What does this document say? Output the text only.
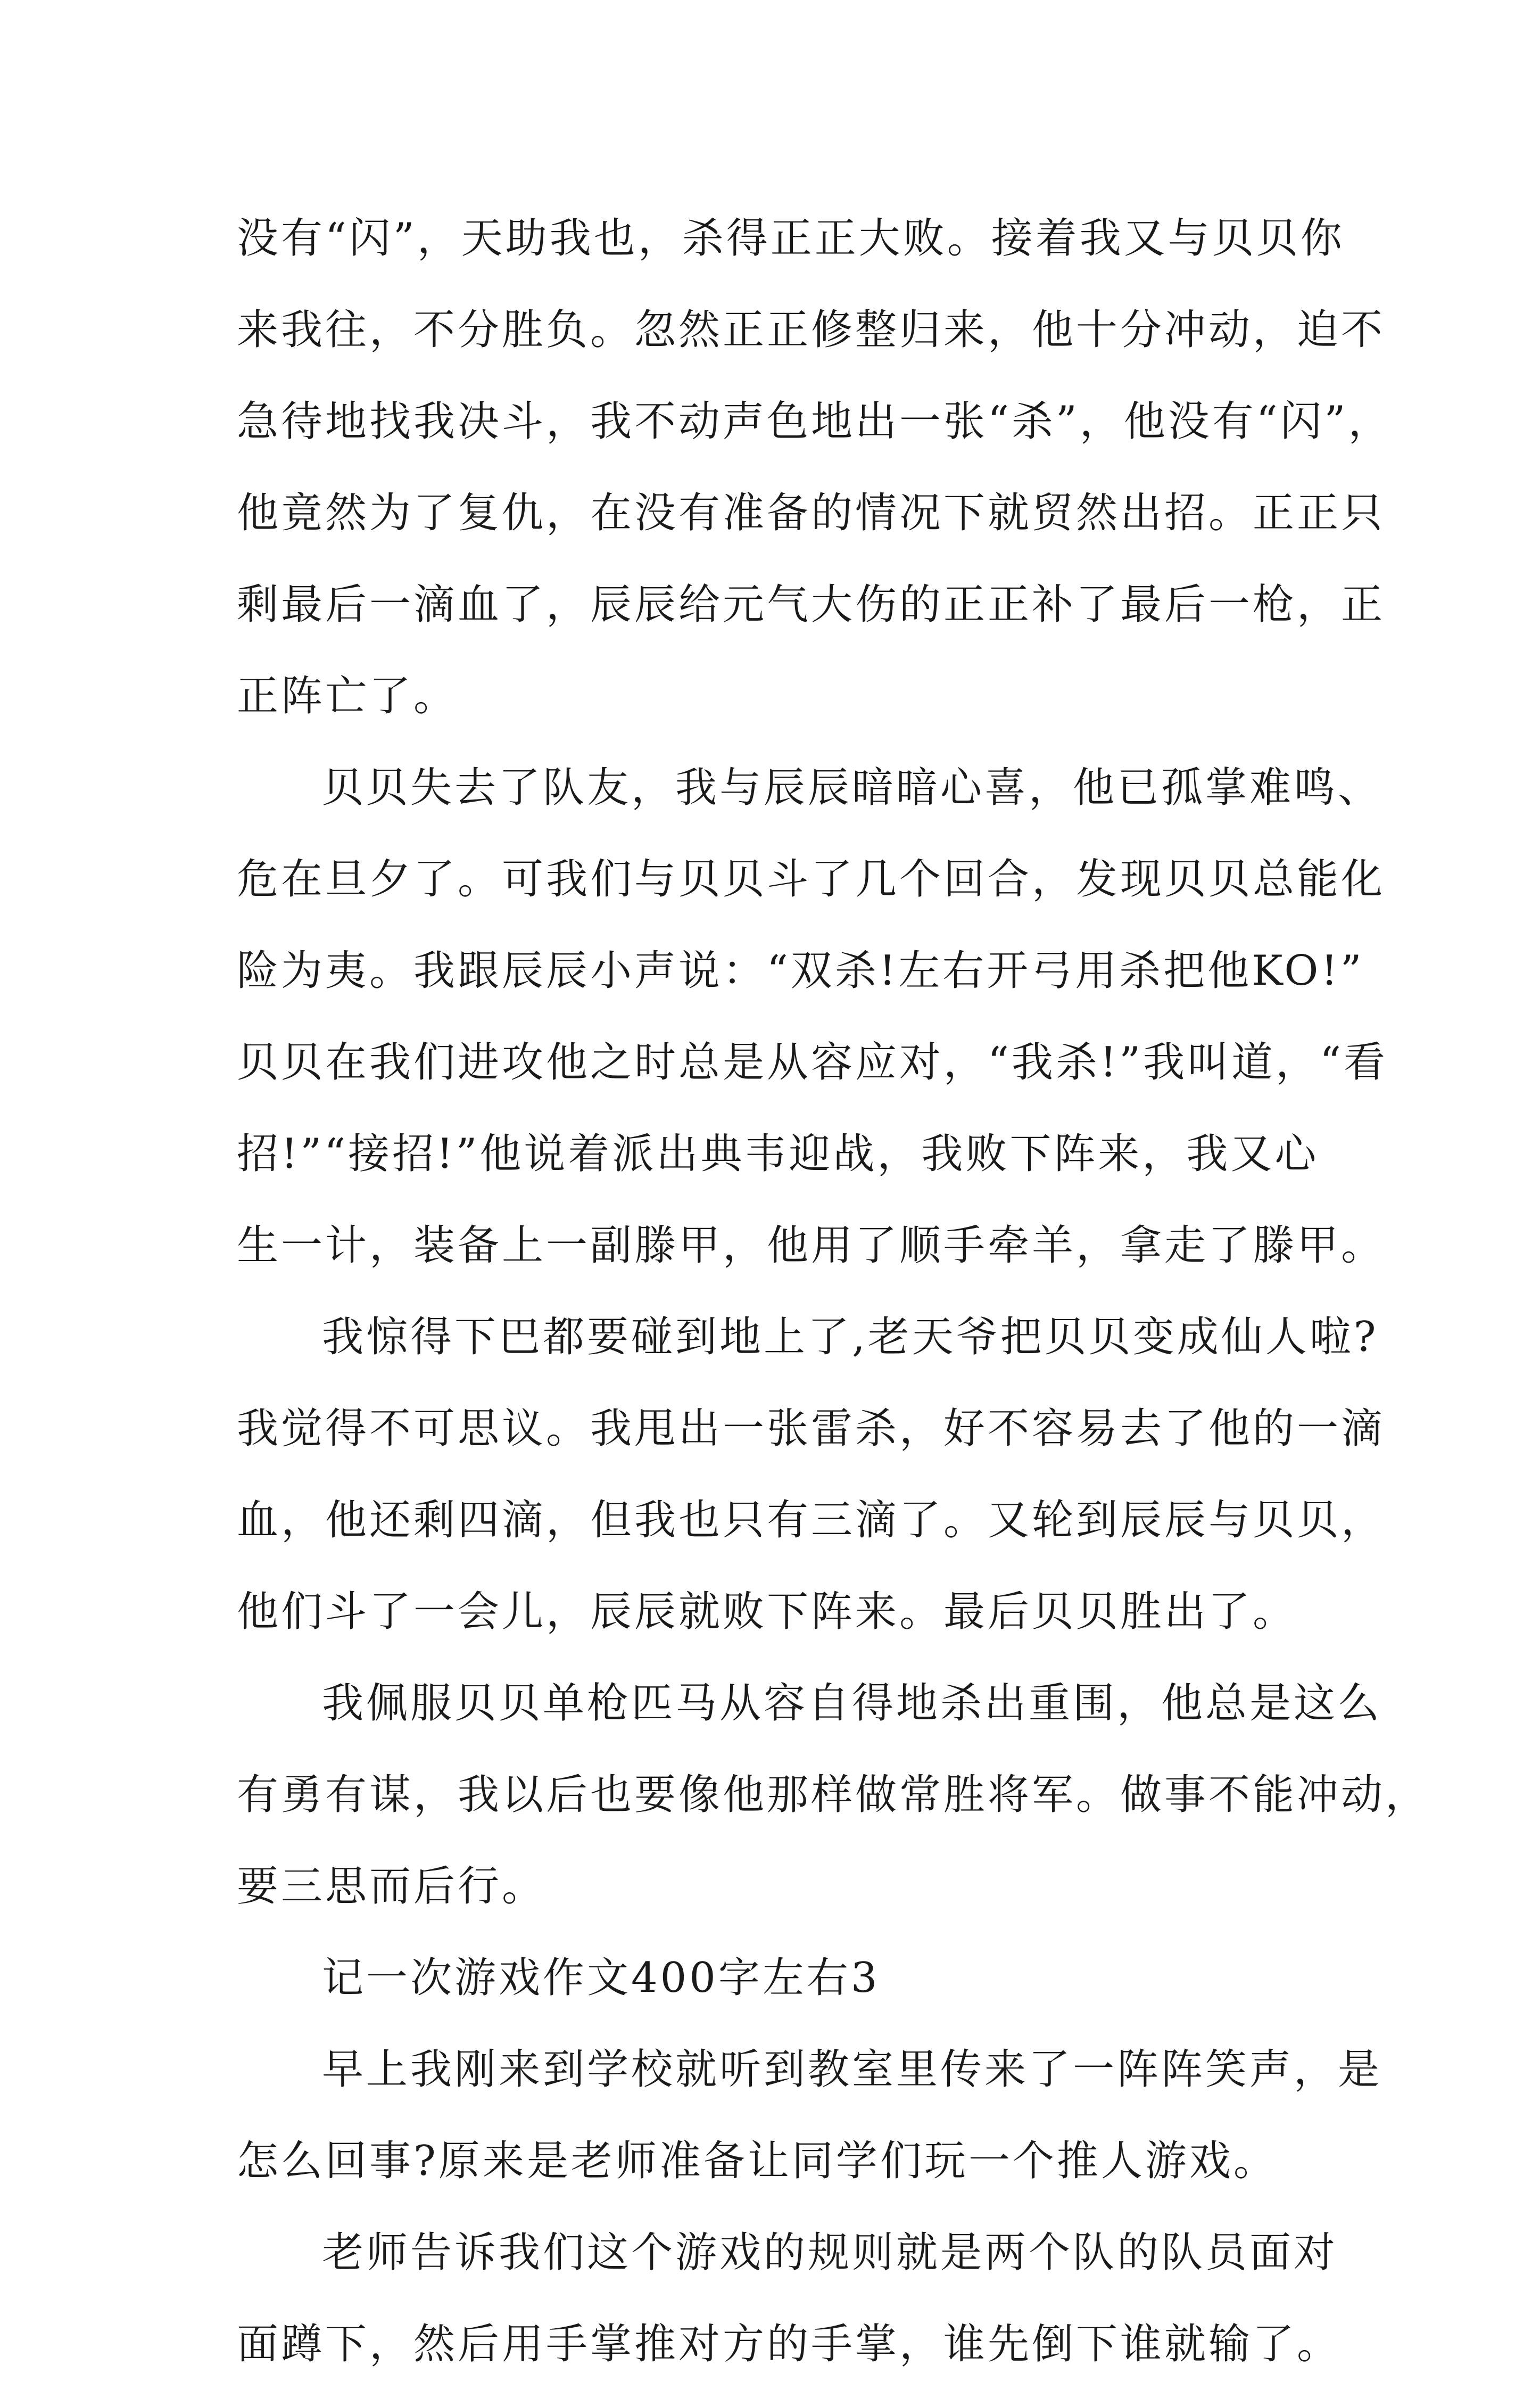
没有“闪”，天助我也，杀得正正大败。接着我又与贝贝你
来我往，不分胜负。忽然正正修整归来，他十分冲动，迫不
急待地找我决斗，我不动声色地出一张“杀”，他没有“闪”，
他竟然为了复仇，在没有准备的情况下就贸然出招。正正只
剩最后一滴血了，辰辰给元气大伤的正正补了最后一枪，正
正阵亡了。
贝贝失去了队友，我与辰辰暗暗心喜，他已孤掌难鸣、
危在旦夕了。可我们与贝贝斗了几个回合，发现贝贝总能化
险为夷。我跟辰辰小声说：“双杀!左右开弓用杀把他KO!”
贝贝在我们进攻他之时总是从容应对，“我杀!”我叫道，“看
招!”“接招!”他说着派出典韦迎战，我败下阵来，我又心
生一计，装备上一副滕甲，他用了顺手牵羊，拿走了滕甲。
我惊得下巴都要碰到地上了,老天爷把贝贝变成仙人啦?
我觉得不可思议。我甩出一张雷杀，好不容易去了他的一滴
血，他还剩四滴，但我也只有三滴了。又轮到辰辰与贝贝，
他们斗了一会儿，辰辰就败下阵来。最后贝贝胜出了。
我佩服贝贝单枪匹马从容自得地杀出重围，他总是这么
有勇有谋，我以后也要像他那样做常胜将军。做事不能冲动，
要三思而后行。
记一次游戏作文400字左右3
早上我刚来到学校就听到教室里传来了一阵阵笑声，是
怎么回事?原来是老师准备让同学们玩一个推人游戏。
老师告诉我们这个游戏的规则就是两个队的队员面对
面蹲下，然后用手掌推对方的手掌，谁先倒下谁就输了。
